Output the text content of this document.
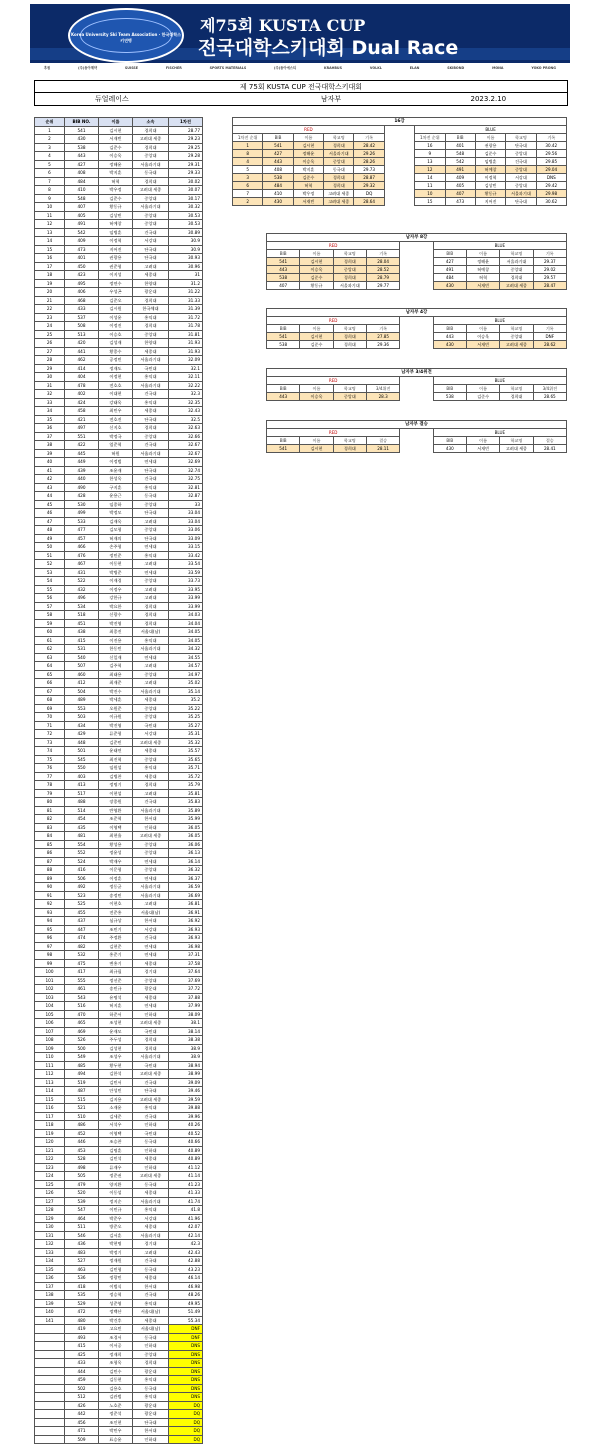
Korea University Ski Team Association · 한국대학스키연맹
제75회 KUSTA CUP
전국대학스키대회 Dual Race
후원	(주)동아제약	SUISSE	FISCHER	SPORTS MATERIALS	(주)동아에스티	KRAHBUS	VOLKL	ELAN	SKIBOND	MONA	YOKO PRONG
제 75회 KUSTA CUP 전국대학스키대회
듀얼레이스	남자부	2023.2.10
순위	BIB NO.	이름	소속	1차전
1	541	김시현	경희대	28.77
2	430	서재빈	고려대 세종	29.23
3	538	김준수	경희대	29.25
4	443	이승욱	중앙대	29.28
5	427	정해윤	서울과기대	29.31
6	408	박지훈	동국대	29.33
7	484	허혁	경희대	30.02
8	410	박우정	고려대 세종	30.07
9	548	김준수	중앙대	30.17
10	407	황동규	서울과기대	30.32
11	405	김상빈	중앙대	30.53
12	491	허예창	중앙대	30.53
13	542	임병훈	건국대	30.89
14	409	이정혁	서강대	30.9
15	473	지어진	단국대	30.9
16	401	권광용	단국대	30.93
17	450	권준형	고려대	30.96
18	423	이지성	세종대	31
19	495	정연수	한양대	31.2
20	406	우성곤	광운대	31.22
21	468	김준오	경희대	31.33
22	433	김시원	한국체대	31.39
23	537	이성윤	홍익대	31.72
24	508	이정진	경희대	31.78
25	513	이승호	중앙대	31.81
26	420	김성재	한양대	31.93
27	441	황종수	세종대	31.93
28	462	공정민	서울과기대	32.09
29	414	정재도	국민대	32.1
30	404	이정현	홍익대	32.11
31	478	전호호	서울과기대	32.22
32	402	이대현	건국대	32.3
33	424	강태욱	홍익대	32.35
34	458	최민우	세종대	32.43
35	421	전호진	단국대	32.5
36	497	신지호	경희대	32.63
37	551	박정국	중앙대	32.66
38	422	엄준혁	건국대	32.67
39	445	허원	서울과기대	32.67
40	449	이정범	연세대	32.69
41	439	조윤재	단국대	32.74
42	440	한성욱	건국대	32.75
43	490	구지훈	홍익대	32.81
44	428	윤용근	동국대	32.87
45	530	임종하	중앙대	33
46	499	박정모	단국대	33.04
47	533	김재욱	고려대	33.04
48	477	김모형	중앙대	33.06
49	457	허재의	단국대	33.09
50	466	손주형	연세대	33.15
51	476	정민준	홍익대	33.42
52	467	이동현	고려대	33.54
53	431	박병준	연세대	33.59
54	522	이재경	중앙대	33.73
55	432	이정우	고려대	33.95
56	496	강한규	고려대	33.99
57	534	박요한	경희대	33.99
58	518	신광수	경희대	34.03
59	451	박진영	경희대	34.04
60	438	최종진	서울대(남)	34.05
61	415	이진용	홍익대	34.05
62	531	한동민	서울과기대	34.32
63	540	신일재	연세대	34.55
64	507	김주혁	고려대	34.57
65	460	최태용	중앙대	34.97
66	412	최재준	고려대	35.02
67	504	박진수	서울과기대	35.14
68	489	박세훈	세종대	35.2
69	553	오원준	중앙대	35.22
70	503	이규원	중앙대	35.25
71	434	박진영	국민대	35.27
72	429	류준형	서강대	35.31
73	448	김준민	고려대 세종	35.32
74	501	윤태연	세종대	35.57
75	545	최진혁	중앙대	35.65
76	550	임원섭	홍익대	35.71
77	403	김병찬	세종대	35.72
78	413	정명기	경희대	35.79
79	517	이현섭	고려대	35.81
80	488	장종원	건국대	35.83
81	514	반영환	서울과기대	35.89
82	454	조준혁	한서대	35.99
83	435	이영택	인하대	36.05
84	481	최현율	고려대 세종	36.05
85	554	황성용	중앙대	36.06
86	552	정윤성	중앙대	36.13
87	524	박재우	연세대	36.14
88	416	이문형	중앙대	36.32
89	506	이정훈	연세대	36.37
90	492	정동균	서울과기대	36.59
91	523	송정민	서울과기대	36.69
92	525	이현호	고려대	36.81
93	455	전준홍	서울대(남)	36.91
94	437	심규상	한서대	36.92
95	447	조민기	서강대	36.93
96	474	주정환	건국대	36.93
97	482	김현준	연세대	36.98
98	532	홍준기	연세대	37.31
99	475	변홍기	세종대	37.58
100	417	최규필	경기대	37.64
101	555	정선준	중앙대	37.69
102	461	송민규	광운대	37.72
103	543	유명석	세종대	37.88
104	516	허지훈	연세대	37.99
105	470	하준서	인하대	38.09
106	465	조성현	고려대 세종	38.1
107	469	윤재모	국민대	38.14
108	526	주두성	경희대	38.38
109	500	김성현	경희대	38.9
110	549	조성우	서울과기대	38.9
111	485	황두현	국민대	38.94
112	494	김한석	고려대 세종	38.99
113	519	김민서	건국대	39.09
114	487	안성민	단국대	39.46
115	515	김지용	고려대 세종	39.59
116	521	소재윤	홍익대	39.88
117	510	김세준	건국대	39.96
118	486	서석우	인하대	40.26
119	452	이영택	국민대	40.52
120	446	조승찬	동국대	40.66
121	453	김명훈	인하대	40.89
122	528	김민석	세종대	40.89
123	498	류재우	인하대	41.12
124	505	정준권	고려대 세종	41.14
125	479	양지환	동국대	41.23
126	520	이동섭	세종대	41.33
127	539	정지순	서울과기대	41.74
128	547	이민규	홍익대	41.8
129	464	박준우	서강대	41.96
130	511	방준오	세종대	42.07
131	546	김서훈	서울과기대	42.14
132	436	박현명	경기대	42.3
133	483	박정기	고려대	42.43
134	527	정재원	건국대	42.88
135	463	김민형	동국대	43.23
136	536	정광민	세종대	46.14
137	418	이범식	한서대	46.98
138	535	정승혁	건국대	48.26
139	529	성준영	홍익대	49.95
140	472	정백산	서울대(남)	51.49
141	480	박건후	세종대	55.34
	419	고요민	서울대(남)	DNF
	493	조경서	동국대	DNF
	415	이서공	인하대	DNS
	425	정재희	중앙대	DNS
	433	조형욱	경희대	DNS
	444	김민수	광운대	DNS
	459	김동현	홍익대	DNS
	502	김용호	동국대	DNS
	512	김관범	홍익대	DNS
	426	노호준	광운대	DQ
	442	정준석	광운대	DQ
	456	조인현	단국대	DQ
	471	박민우	한서대	DQ
	509	표승윤	인하대	DQ
16강										
RED						BLUE				
1차전 순위	BIB	이름	학교명	기록		1차전 순위	BIB	이름	학교명	기록
1	541	김시현	경희대	28.42		16	401	권광용	단국대	30.42
8	427	정해윤	서울과기대	29.26		9	548	김준수	중앙대	29.56
4	443	이승욱	중앙대	28.26		13	542	임병훈	건국대	29.85
5	408	박지훈	동국대	29.73		12	491	허예창	중앙대	29.04
3	538	김준수	경희대	28.87		14	409	이정혁	서강대	DNS
6	484	허혁	경희대	29.32		11	405	김상빈	중앙대	29.42
7	410	박우정	고려대 세종	DQ		10	407	황동규	서울과기대	29.98
2	430	서재빈	고려대 세종	28.64		15	473	지어진	단국대	30.62
남자부 8강								
RED					BLUE			
BIB	이름	학교명	기록		BIB	이름	학교명	기록
541	김시현	경희대	28.04		427	정해윤	서울과기대	29.37
443	이승욱	중앙대	28.52		491	허예창	중앙대	29.02
538	김준수	경희대	28.79		484	허혁	경희대	29.57
407	황동규	서울과기대	29.77		430	서재빈	고려대 세종	28.47
남자부 4강								
RED					BLUE			
BIB	이름	학교명	기록		BIB	이름	학교명	기록
541	김시현	경희대	27.85		443	이승욱	중앙대	DNF
538	김준수	경희대	29.36		430	서재빈	고려대 세종	28.62
남자부 3/4위전								
RED					BLUE			
BIB	이름	학교명	3/4위전		BIB	이름	학교명	3/4위전
443	이승욱	중앙대	28.3		538	김준수	경희대	28.65
남자부 결승								
RED					BLUE			
BIB	이름	학교명	결승		BIB	이름	학교명	결승
541	김시현	경희대	28.11		430	서재빈	고려대 세종	28.41
